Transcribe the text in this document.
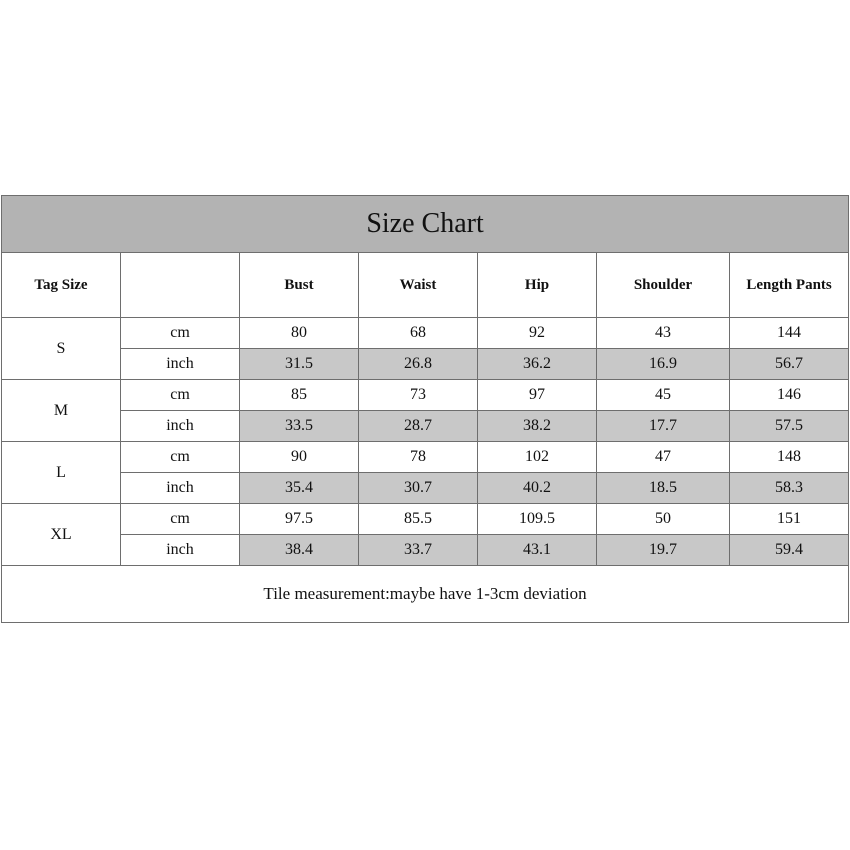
Size Chart						
Tag Size		Bust	Waist	Hip	Shoulder	Length Pants
S	cm	80	68	92	43	144
	inch	31.5	26.8	36.2	16.9	56.7
M	cm	85	73	97	45	146
	inch	33.5	28.7	38.2	17.7	57.5
L	cm	90	78	102	47	148
	inch	35.4	30.7	40.2	18.5	58.3
XL	cm	97.5	85.5	109.5	50	151
	inch	38.4	33.7	43.1	19.7	59.4
Tile measurement:maybe have 1-3cm deviation						
